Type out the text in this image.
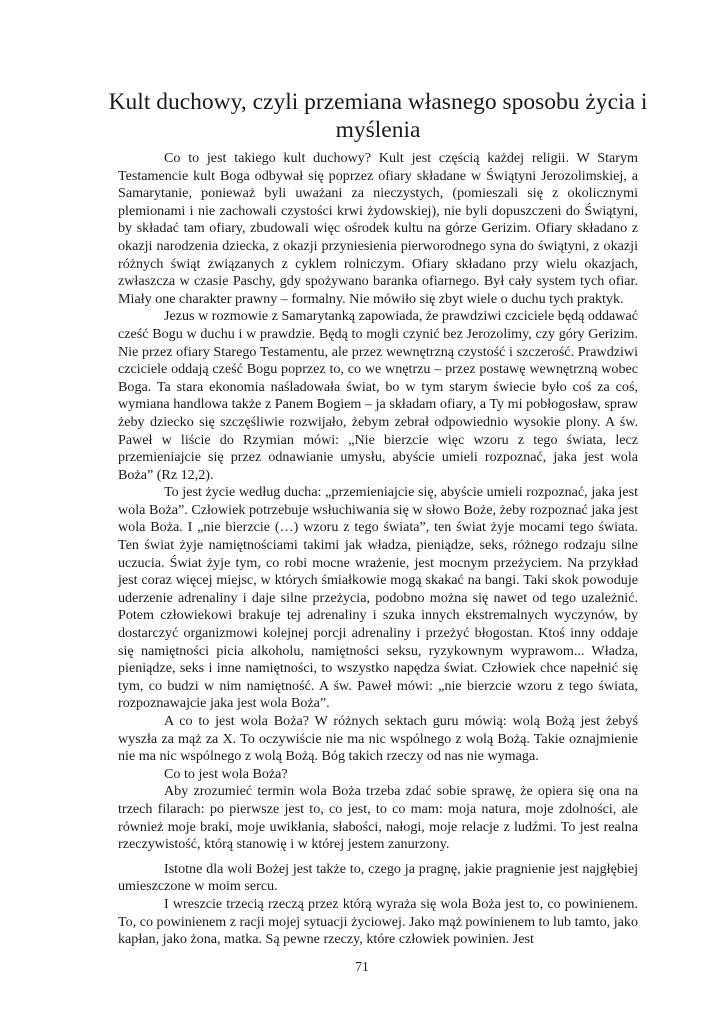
Kult duchowy, czyli przemiana własnego sposobu życia i myślenia

Co to jest takiego kult duchowy? Kult jest częścią każdej religii. W Starym Testamencie kult Boga odbywał się poprzez ofiary składane w Świątyni Jerozolimskiej, a Samarytanie, ponieważ byli uważani za nieczystych, (pomieszali się z okolicznymi plemionami i nie zachowali czystości krwi żydowskiej), nie byli dopuszczeni do Świątyni, by składać tam ofiary, zbudowali więc ośrodek kultu na górze Gerizim. Ofiary składano z okazji narodzenia dziecka, z okazji przyniesienia pierworodnego syna do świątyni, z okazji różnych świąt związanych z cyklem rolniczym. Ofiary składano przy wielu okazjach, zwłaszcza w czasie Paschy, gdy spożywano baranka ofiarnego. Był cały system tych ofiar. Miały one charakter prawny – formalny. Nie mówiło się zbyt wiele o duchu tych praktyk.

Jezus w rozmowie z Samarytanką zapowiada, że prawdziwi czciciele będą oddawać cześć Bogu w duchu i w prawdzie. Będą to mogli czynić bez Jerozolimy, czy góry Gerizim. Nie przez ofiary Starego Testamentu, ale przez wewnętrzną czystość i szczerość. Prawdziwi czciciele oddają cześć Bogu poprzez to, co we wnętrzu – przez postawę wewnętrzną wobec Boga. Ta stara ekonomia naśladowała świat, bo w tym starym świecie było coś za coś, wymiana handlowa także z Panem Bogiem – ja składam ofiary, a Ty mi pobłogosław, spraw żeby dziecko się szczęśliwie rozwijało, żebym zebrał odpowiednio wysokie plony. A św. Paweł w liście do Rzymian mówi: „Nie bierzcie więc wzoru z tego świata, lecz przemieniajcie się przez odnawianie umysłu, abyście umieli rozpoznać, jaka jest wola Boża” (Rz 12,2).

To jest życie według ducha: „przemieniajcie się, abyście umieli rozpoznać, jaka jest wola Boża”. Człowiek potrzebuje wsłuchiwania się w słowo Boże, żeby rozpoznać jaka jest wola Boża. I „nie bierzcie (…) wzoru z tego świata”, ten świat żyje mocami tego świata. Ten świat żyje namiętnościami takimi jak władza, pieniądze, seks, różnego rodzaju silne uczucia. Świat żyje tym, co robi mocne wrażenie, jest mocnym przeżyciem. Na przykład jest coraz więcej miejsc, w których śmiałkowie mogą skakać na bangi. Taki skok powoduje uderzenie adrenaliny i daje silne przeżycia, podobno można się nawet od tego uzależnić. Potem człowiekowi brakuje tej adrenaliny i szuka innych ekstremalnych wyczynów, by dostarczyć organizmowi kolejnej porcji adrenaliny i przeżyć błogostan. Ktoś inny oddaje się namiętności picia alkoholu, namiętności seksu, ryzykownym wyprawom... Władza, pieniądze, seks i inne namiętności, to wszystko napędza świat. Człowiek chce napełnić się tym, co budzi w nim namiętność. A św. Paweł mówi: „nie bierzcie wzoru z tego świata, rozpoznawajcie jaka jest wola Boża”.

A co to jest wola Boża? W różnych sektach guru mówią: wolą Bożą jest żebyś wyszła za mąż za X. To oczywiście nie ma nic wspólnego z wolą Bożą. Takie oznajmienie nie ma nic wspólnego z wolą Bożą. Bóg takich rzeczy od nas nie wymaga.

Co to jest wola Boża?

Aby zrozumieć termin wola Boża trzeba zdać sobie sprawę, że opiera się ona na trzech filarach: po pierwsze jest to, co jest, to co mam: moja natura, moje zdolności, ale również moje braki, moje uwikłania, słabości, nałogi, moje relacje z ludźmi. To jest realna rzeczywistość, którą stanowię i w której jestem zanurzony.

Istotne dla woli Bożej jest także to, czego ja pragnę, jakie pragnienie jest najgłębiej umieszczone w moim sercu.

I wreszcie trzecią rzeczą przez którą wyraża się wola Boża jest to, co powinienem. To, co powinienem z racji mojej sytuacji życiowej. Jako mąż powinienem to lub tamto, jako kapłan, jako żona, matka. Są pewne rzeczy, które człowiek powinien. Jest

71
